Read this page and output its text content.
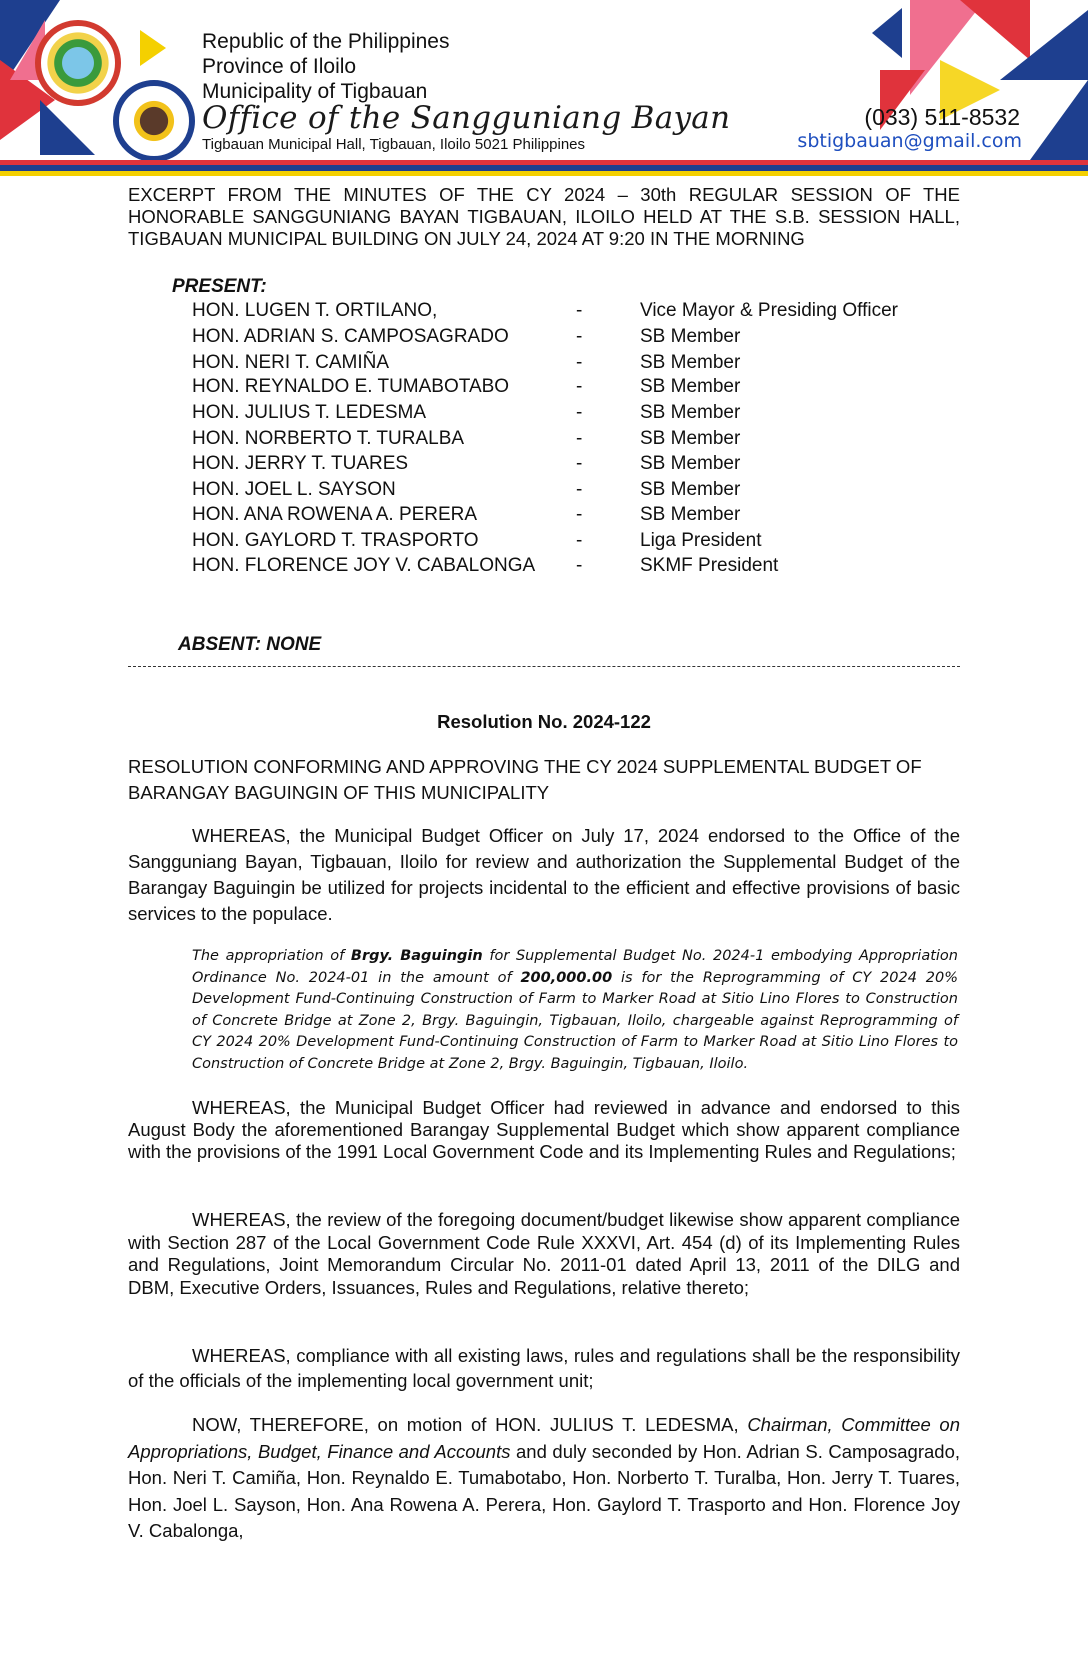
Republic of the Philippines
Province of Iloilo
Municipality of Tigbauan
Office of the Sangguniang Bayan
Tigbauan Municipal Hall, Tigbauan, Iloilo 5021 Philippines
(033) 511-8532
sbtigbauan@gmail.com
EXCERPT FROM THE MINUTES OF THE CY 2024 – 30th REGULAR SESSION OF THE HONORABLE SANGGUNIANG BAYAN TIGBAUAN, ILOILO HELD AT THE S.B. SESSION HALL, TIGBAUAN MUNICIPAL BUILDING ON JULY 24, 2024 AT 9:20 IN THE MORNING
PRESENT:
HON. LUGEN T. ORTILANO,	-	Vice Mayor & Presiding Officer
HON. ADRIAN S. CAMPOSAGRADO	-	SB Member
HON. NERI T. CAMIÑA	-	SB Member
HON. REYNALDO E. TUMABOTABO	-	SB Member
HON. JULIUS T. LEDESMA	-	SB Member
HON. NORBERTO T. TURALBA	-	SB Member
HON. JERRY T. TUARES	-	SB Member
HON. JOEL L. SAYSON	-	SB Member
HON. ANA ROWENA A. PERERA	-	SB Member
HON. GAYLORD T. TRASPORTO	-	Liga President
HON. FLORENCE JOY V. CABALONGA -	SKMF President
ABSENT: NONE
Resolution No. 2024-122
RESOLUTION CONFORMING AND APPROVING THE CY 2024 SUPPLEMENTAL BUDGET OF BARANGAY BAGUINGIN OF THIS MUNICIPALITY

WHEREAS, the Municipal Budget Officer on July 17, 2024 endorsed to the Office of the Sangguniang Bayan, Tigbauan, Iloilo for review and authorization the Supplemental Budget of the Barangay Baguingin be utilized for projects incidental to the efficient and effective provisions of basic services to the populace.

The appropriation of Brgy. Baguingin for Supplemental Budget No. 2024-1 embodying Appropriation Ordinance No. 2024-01 in the amount of 200,000.00 is for the Reprogramming of CY 2024 20% Development Fund-Continuing Construction of Farm to Marker Road at Sitio Lino Flores to Construction of Concrete Bridge at Zone 2, Brgy. Baguingin, Tigbauan, Iloilo, chargeable against Reprogramming of CY 2024 20% Development Fund-Continuing Construction of Farm to Marker Road at Sitio Lino Flores to Construction of Concrete Bridge at Zone 2, Brgy. Baguingin, Tigbauan, Iloilo.

WHEREAS, the Municipal Budget Officer had reviewed in advance and endorsed to this August Body the aforementioned Barangay Supplemental Budget which show apparent compliance with the provisions of the 1991 Local Government Code and its Implementing Rules and Regulations;

WHEREAS, the review of the foregoing document/budget likewise show apparent compliance with Section 287 of the Local Government Code Rule XXXVI, Art. 454 (d) of its Implementing Rules and Regulations, Joint Memorandum Circular No. 2011-01 dated April 13, 2011 of the DILG and DBM, Executive Orders, Issuances, Rules and Regulations, relative thereto;

WHEREAS, compliance with all existing laws, rules and regulations shall be the responsibility of the officials of the implementing local government unit;

NOW, THEREFORE, on motion of HON. JULIUS T. LEDESMA, Chairman, Committee on Appropriations, Budget, Finance and Accounts and duly seconded by Hon. Adrian S. Camposagrado, Hon. Neri T. Camiña, Hon. Reynaldo E. Tumabotabo, Hon. Norberto T. Turalba, Hon. Jerry T. Tuares, Hon. Joel L. Sayson, Hon. Ana Rowena A. Perera, Hon. Gaylord T. Trasporto and Hon. Florence Joy V. Cabalonga,
